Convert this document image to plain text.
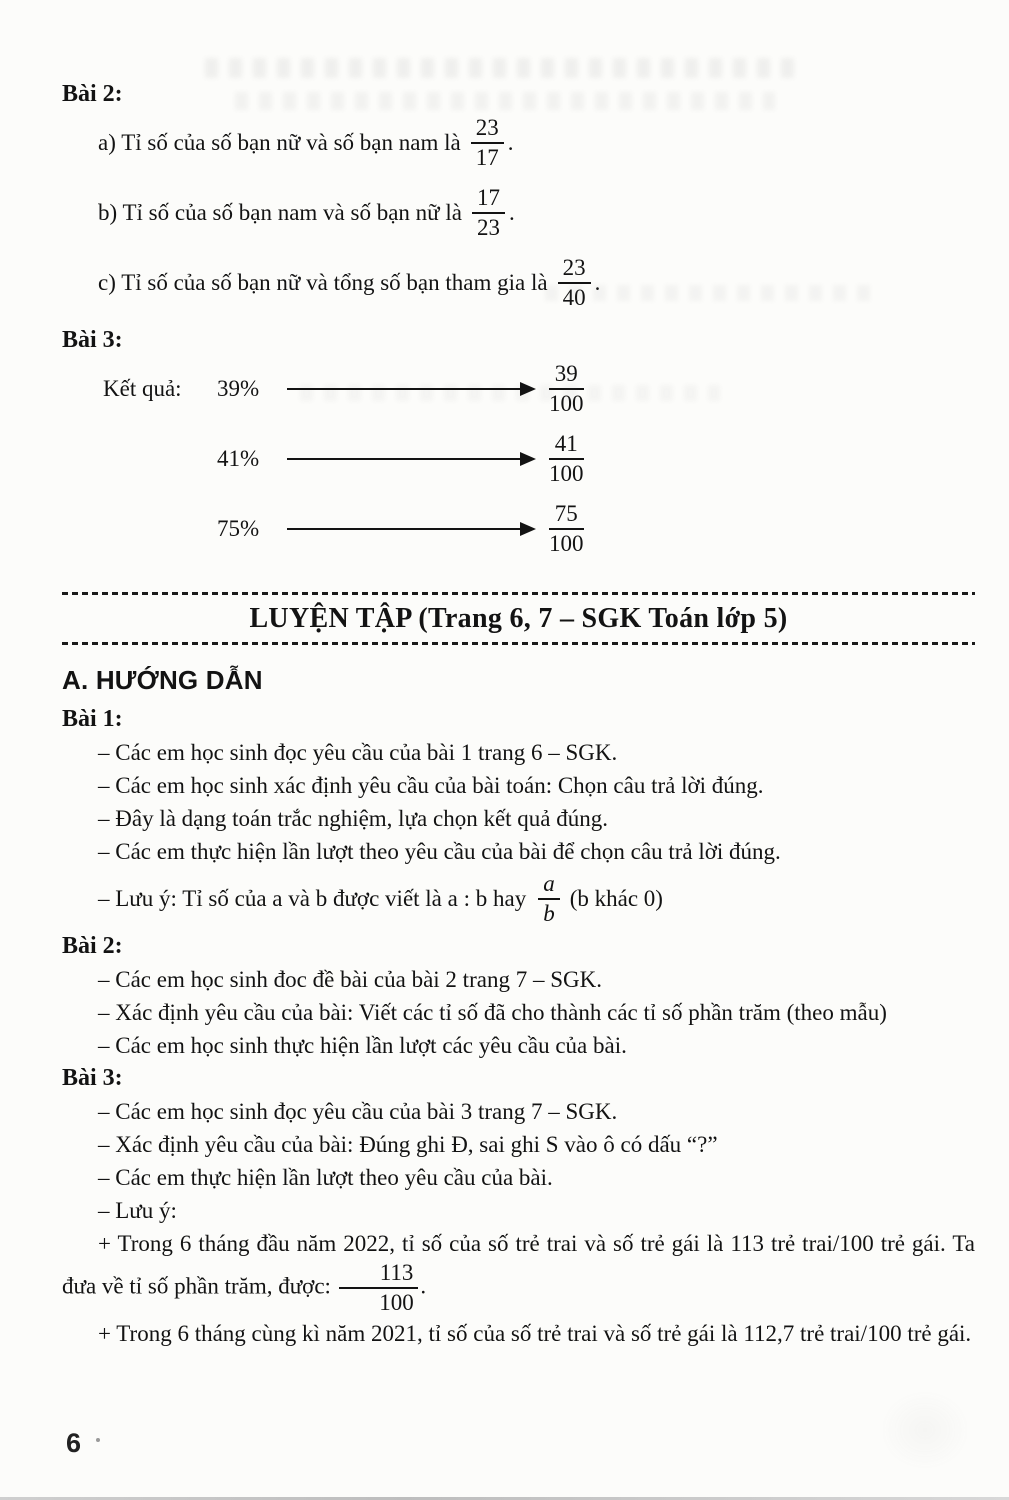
Bài 2:
a) Tỉ số của số bạn nữ và số bạn nam là $\frac{23}{17}$ .
b) Tỉ số của số bạn nam và số bạn nữ là $\frac{17}{23}$ .
c) Tỉ số của số bạn nữ và tổng số bạn tham gia là $\frac{23}{40}$ .
Bài 3:
Kết quả:	39%	$\frac{39}{100}$
41%	$\frac{41}{100}$
75%	$\frac{75}{100}$
LUYỆN TẬP (Trang 6, 7 – SGK Toán lớp 5)
A. HƯỚNG DẪN
Bài 1:

– Các em học sinh đọc yêu cầu của bài 1 trang 6 – SGK.

– Các em học sinh xác định yêu cầu của bài toán: Chọn câu trả lời đúng.

– Đây là dạng toán trắc nghiệm, lựa chọn kết quả đúng.

– Các em thực hiện lần lượt theo yêu cầu của bài để chọn câu trả lời đúng.

– Lưu ý: Tỉ số của a và b được viết là a : b hay $\frac{a}{b} (b$ khác 0)
Bài 2:

– Các em học sinh đoc đề bài của bài 2 trang 7 – SGK.

– Xác định yêu cầu của bài: Viết các tỉ số đã cho thành các tỉ số phần trăm (theo mẫu)

– Các em học sinh thực hiện lần lượt các yêu cầu của bài.

Bài 3:

– Các em học sinh đọc yêu cầu của bài 3 trang 7 – SGK.

– Xác định yêu cầu của bài: Đúng ghi Đ, sai ghi S vào ô có dấu “?”

– Các em thực hiện lần lượt theo yêu cầu của bài.

– Lưu ý:

+ Trong 6 tháng đầu năm 2022, tỉ số của số trẻ trai và số trẻ gái là 113 trẻ trai/100 trẻ gái. Ta đưa về tỉ số phần trăm, được: $\frac{113}{100}$ .

+ Trong 6 tháng cùng kì năm 2021, tỉ số của số trẻ trai và số trẻ gái là 112,7 trẻ trai/100 trẻ gái.

6
